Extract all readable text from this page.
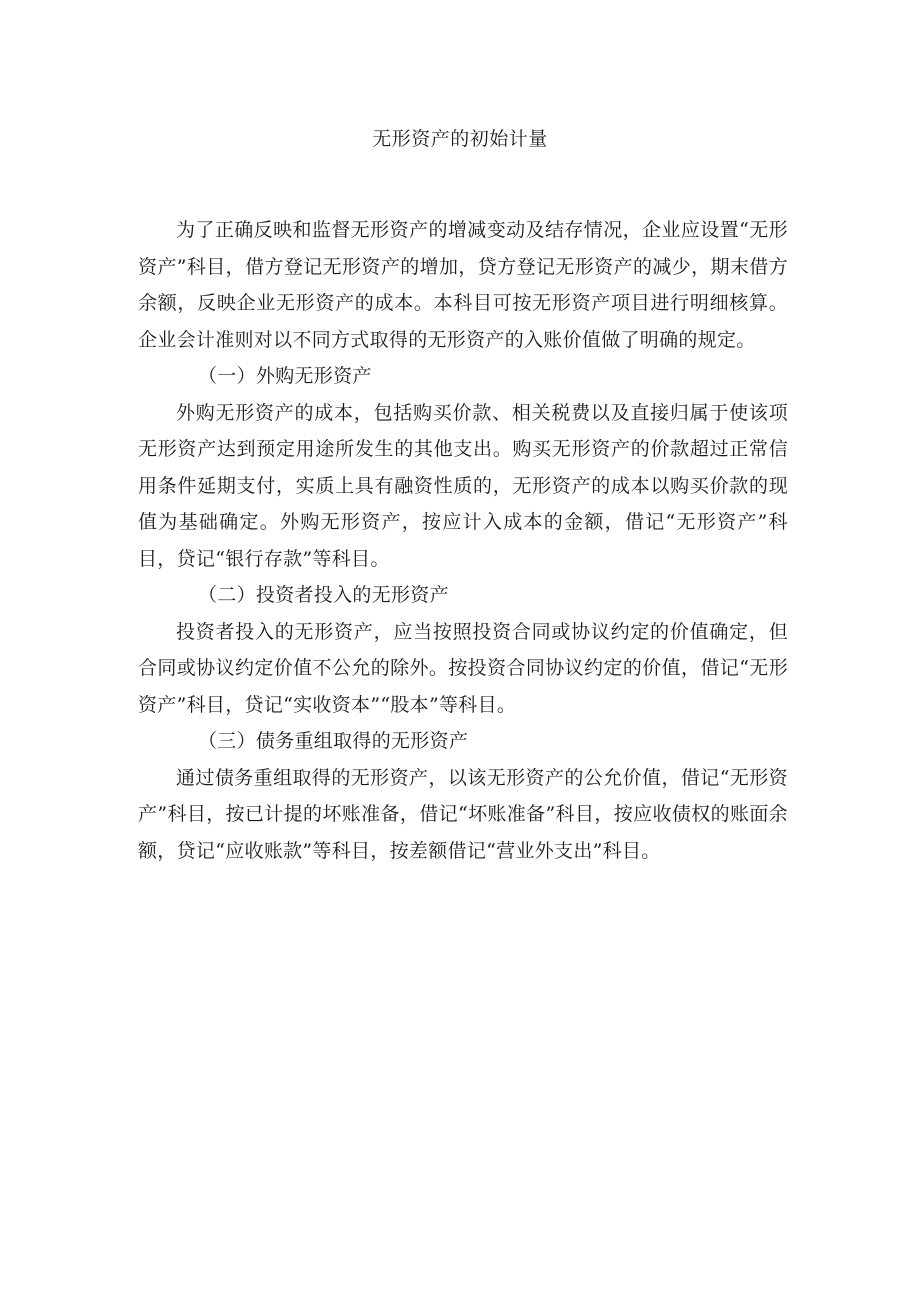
无形资产的初始计量

为了正确反映和监督无形资产的增减变动及结存情况，企业应设置“无形资产”科目，借方登记无形资产的增加，贷方登记无形资产的减少，期末借方余额，反映企业无形资产的成本。本科目可按无形资产项目进行明细核算。企业会计准则对以不同方式取得的无形资产的入账价值做了明确的规定。

（一）外购无形资产

外购无形资产的成本，包括购买价款、相关税费以及直接归属于使该项无形资产达到预定用途所发生的其他支出。购买无形资产的价款超过正常信用条件延期支付，实质上具有融资性质的，无形资产的成本以购买价款的现值为基础确定。外购无形资产，按应计入成本的金额，借记“无形资产”科目，贷记“银行存款”等科目。

（二）投资者投入的无形资产

投资者投入的无形资产，应当按照投资合同或协议约定的价值确定，但合同或协议约定价值不公允的除外。按投资合同协议约定的价值，借记“无形资产”科目，贷记“实收资本”“股本”等科目。

（三）债务重组取得的无形资产

通过债务重组取得的无形资产，以该无形资产的公允价值，借记“无形资产”科目，按已计提的坏账准备，借记“坏账准备”科目，按应收债权的账面余额，贷记“应收账款”等科目，按差额借记“营业外支出”科目。
